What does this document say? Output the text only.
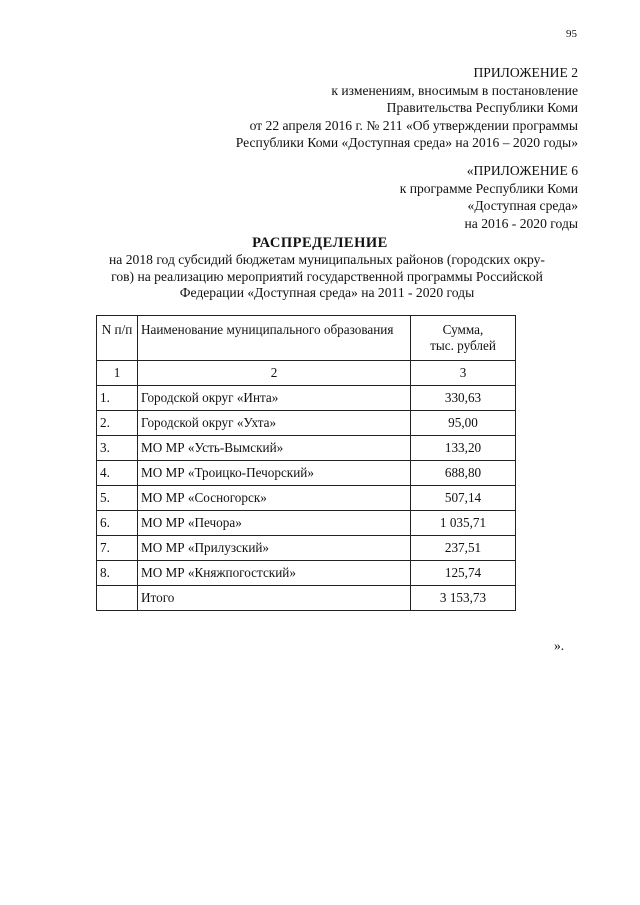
95
ПРИЛОЖЕНИЕ 2
к изменениям, вносимым в постановление
Правительства Республики Коми
от 22 апреля 2016 г. № 211 «Об утверждении программы
Республики Коми «Доступная среда» на 2016 – 2020 годы»
«ПРИЛОЖЕНИЕ 6
к программе Республики Коми
«Доступная среда»
на 2016 - 2020 годы
РАСПРЕДЕЛЕНИЕ
на 2018 год субсидий бюджетам муниципальных районов (городских окру-
гов) на реализацию мероприятий государственной программы Российской
Федерации «Доступная среда» на 2011 - 2020 годы
N п/п	Наименование муниципального образования	Сумма,
тыс. рублей

1	2	3
1.	Городской округ «Инта»	330,63
2.	Городской округ «Ухта»	95,00
3.	МО МР «Усть-Вымский»	133,20
4.	МО МР «Троицко-Печорский»	688,80
5.	МО МР «Сосногорск»	507,14
6.	МО МР «Печора»	1 035,71
7.	МО МР «Прилузский»	237,51
8.	МО МР «Княжпогостский»	125,74
	Итого	3 153,73
».
